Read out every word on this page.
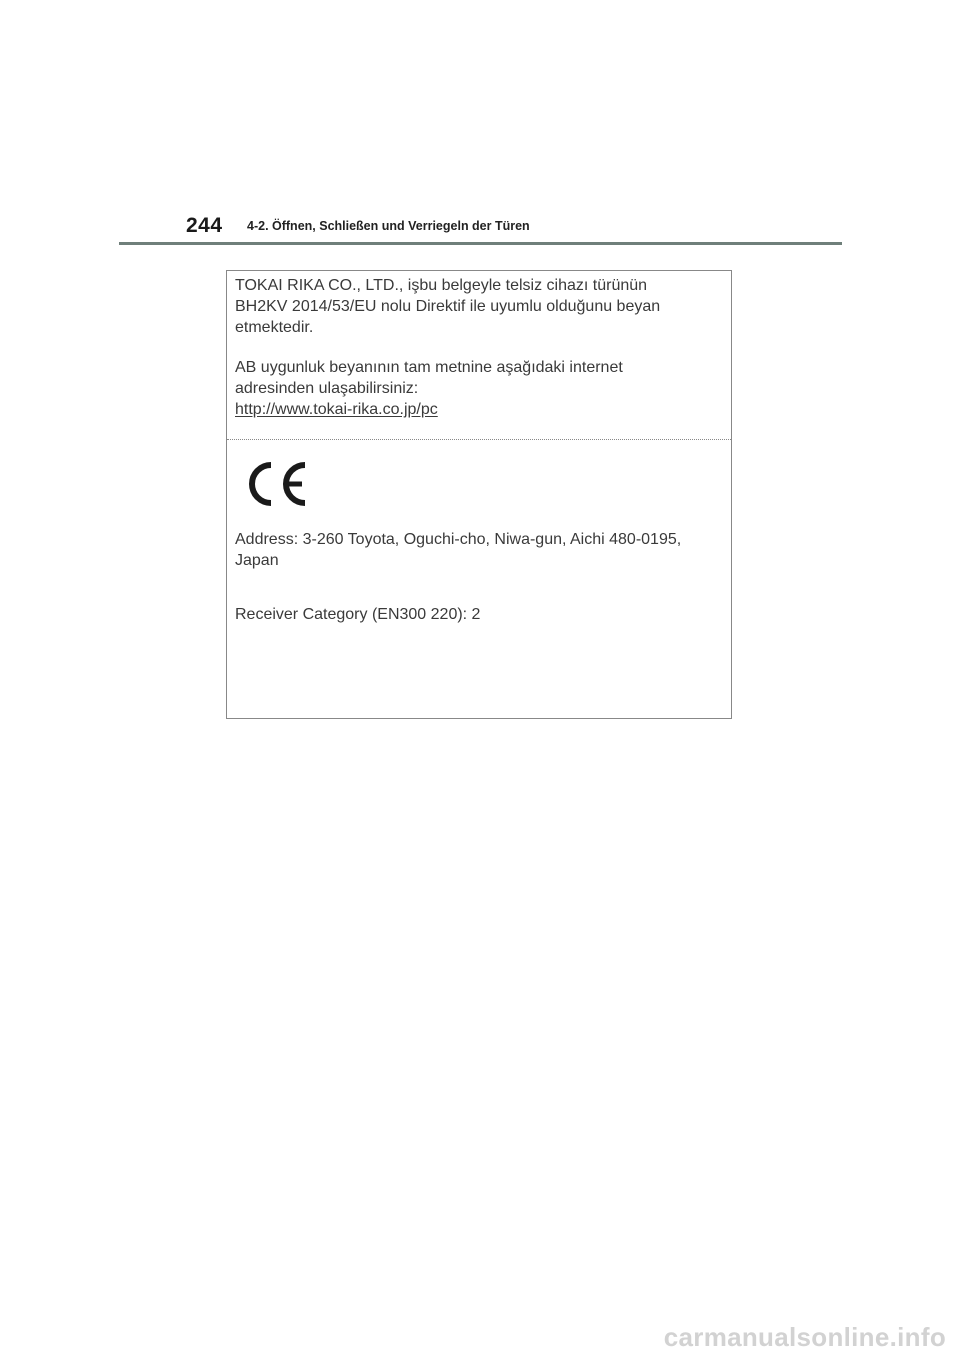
244 4-2. Öffnen, Schließen und Verriegeln der Türen
TOKAI RIKA CO., LTD., işbu belgeyle telsiz cihazı türünün
BH2KV 2014/53/EU nolu Direktif ile uyumlu olduğunu beyan
etmektedir.
AB uygunluk beyanının tam metnine aşağıdaki internet
adresinden ulaşabilirsiniz:
http://www.tokai-rika.co.jp/pc
Address: 3-260 Toyota, Oguchi-cho, Niwa-gun, Aichi 480-0195,
Japan
Receiver Category (EN300 220): 2
carmanualsonline.info
